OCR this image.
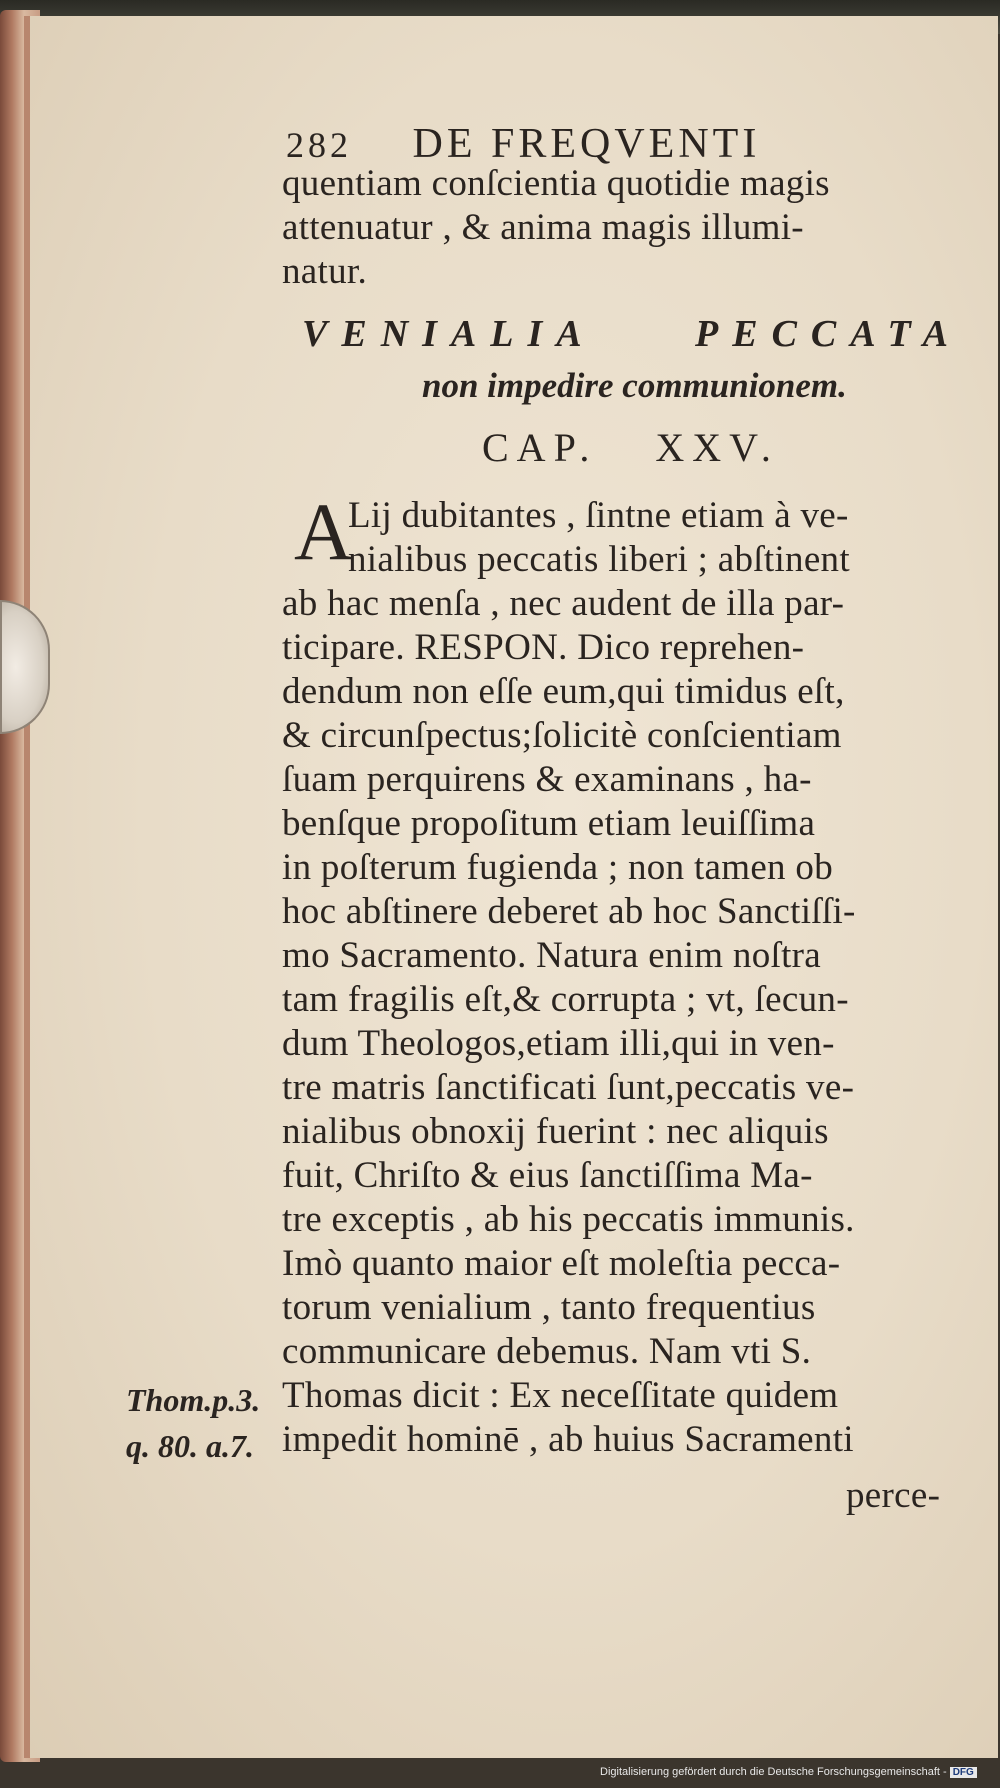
282 DE FREQVENTI
quentiam conſcientia quotidie magis
attenuatur , & anima magis illumi-
natur.
VENIALIA	PECCATA
non impedire communionem.
CAP. XXV.
A
Lij dubitantes , ſintne etiam à ve-
nialibus peccatis liberi ; abſtinent
ab hac menſa , nec audent de illa par-
ticipare. RESPON. Dico reprehen-
dendum non eſſe eum,qui timidus eſt,
& circunſpectus;ſolicitè conſcientiam
ſuam perquirens & examinans , ha-
benſque propoſitum etiam leuiſſima
in poſterum fugienda ; non tamen ob
hoc abſtinere deberet ab hoc Sanctiſſi-
mo Sacramento. Natura enim noſtra
tam fragilis eſt,& corrupta ; vt, ſecun-
dum Theologos,etiam illi,qui in ven-
tre matris ſanctificati ſunt,peccatis ve-
nialibus obnoxij fuerint : nec aliquis
fuit, Chriſto & eius ſanctiſſima Ma-
tre exceptis , ab his peccatis immunis.
Imò quanto maior eſt moleſtia pecca-
torum venialium , tanto frequentius
communicare debemus. Nam vti S.
Thomas dicit : Ex neceſſitate quidem
impedit hominē , ab huius Sacramenti
perce-
Thom.p.3.
q. 80. a.7.
Digitalisierung gefördert durch die Deutsche Forschungsgemeinschaft - DFG
